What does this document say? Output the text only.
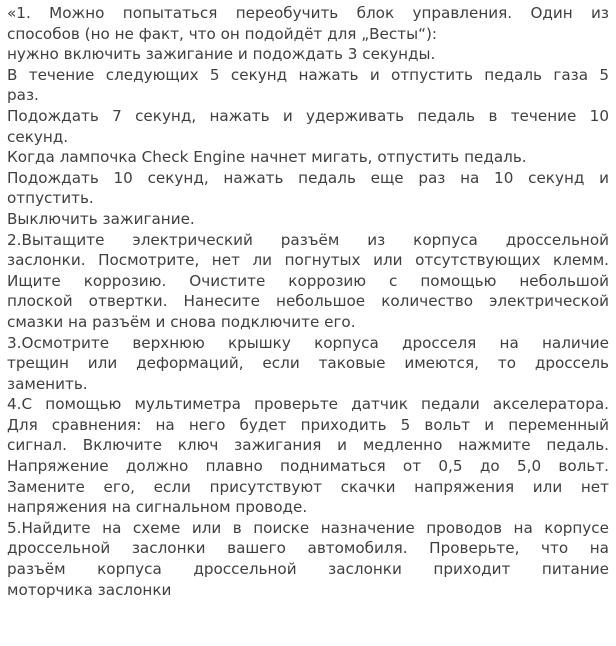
«1. Можно попытаться переобучить блок управления. Один из
способов (но не факт, что он подойдёт для „Весты“):
нужно включить зажигание и подождать 3 секунды.
В течение следующих 5 секунд нажать и отпустить педаль газа 5
раз.
Подождать 7 секунд, нажать и удерживать педаль в течение 10
секунд.
Когда лампочка Check Engine начнет мигать, отпустить педаль.
Подождать 10 секунд, нажать педаль еще раз на 10 секунд и
отпустить.
Выключить зажигание.
2.Вытащите электрический разъём из корпуса дроссельной
заслонки. Посмотрите, нет ли погнутых или отсутствующих клемм.
Ищите коррозию. Очистите коррозию с помощью небольшой
плоской отвертки. Нанесите небольшое количество электрической
смазки на разъём и снова подключите его.
3.Осмотрите верхнюю крышку корпуса дросселя на наличие
трещин или деформаций, если таковые имеются, то дроссель
заменить.
4.С помощью мультиметра проверьте датчик педали акселератора.
Для сравнения: на него будет приходить 5 вольт и переменный
сигнал. Включите ключ зажигания и медленно нажмите педаль.
Напряжение должно плавно подниматься от 0,5 до 5,0 вольт.
Замените его, если присутствуют скачки напряжения или нет
напряжения на сигнальном проводе.
5.Найдите на схеме или в поиске назначение проводов на корпусе
дроссельной заслонки вашего автомобиля. Проверьте, что на
разъём корпуса дроссельной заслонки приходит питание
моторчика заслонки
